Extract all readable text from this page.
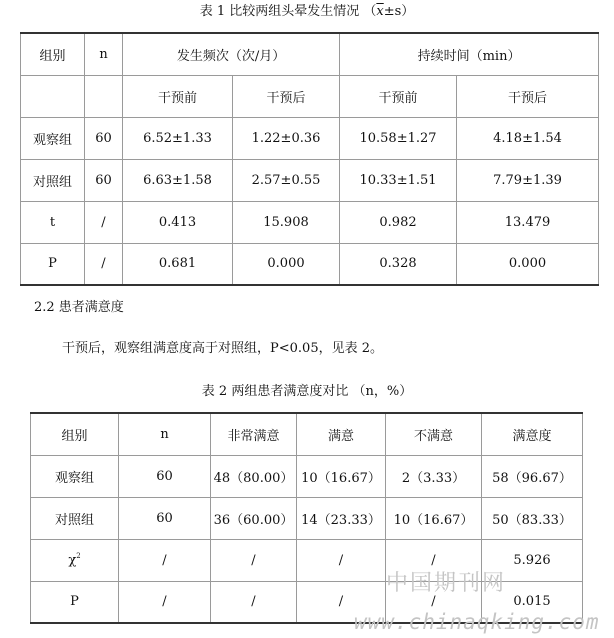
表 1 比较两组头晕发生情况 $(\overline{x}\pm s)$
组别	n	发生频次（次/月）		持续时间（min）	
		干预前	干预后	干预前	干预后
观察组	60	6.52±1.33	1.22±0.36	10.58±1.27	4.18±1.54
对照组	60	6.63±1.58	2.57±0.55	10.33±1.51	7.79±1.39
t	/	0.413	15.908	0.982	13.479
P	/	0.681	0.000	0.328	0.000
2.2 患者满意度
干预后，观察组满意度高于对照组，P<0.05，见表 2。
表 2 两组患者满意度对比 （n，%）
组别	n	非常满意	满意	不满意	满意度
观察组	60	48（80.00）	10（16.67）	2（3.33）	58（96.67）
对照组	60	36（60.00）	14（23.33）	10（16.67）	50（83.33）
$\chi^2$	/	/	/	/	5.926
P	/	/	/	/	0.015
中国期刊网
www.chinaqking.com
